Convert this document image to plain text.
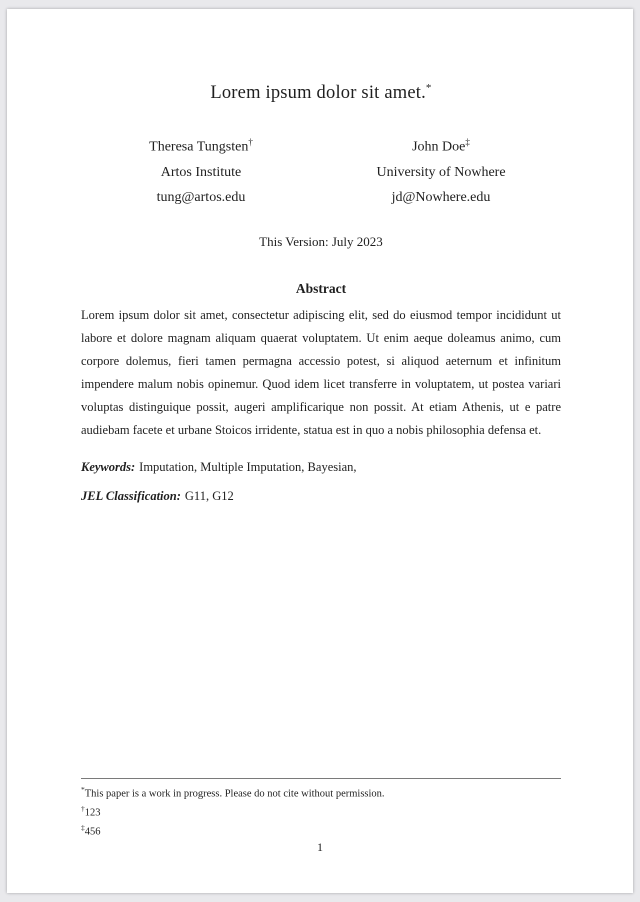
Lorem ipsum dolor sit amet.*
Theresa Tungsten†
Artos Institute
tung@artos.edu
John Doe‡
University of Nowhere
jd@Nowhere.edu
This Version: July 2023
Abstract

Lorem ipsum dolor sit amet, consectetur adipiscing elit, sed do eiusmod tempor incididunt ut labore et dolore magnam aliquam quaerat voluptatem. Ut enim aeque doleamus animo, cum corpore dolemus, fieri tamen permagna accessio potest, si aliquod aeternum et infinitum impendere malum nobis opinemur. Quod idem licet transferre in voluptatem, ut postea variari voluptas distinguique possit, augeri amplificarique non possit. At etiam Athenis, ut e patre audiebam facete et urbane Stoicos irridente, statua est in quo a nobis philosophia defensa et.

Keywords: Imputation, Multiple Imputation, Bayesian,

JEL Classification: G11, G12

*This paper is a work in progress. Please do not cite without permission.
†123
‡456
1
